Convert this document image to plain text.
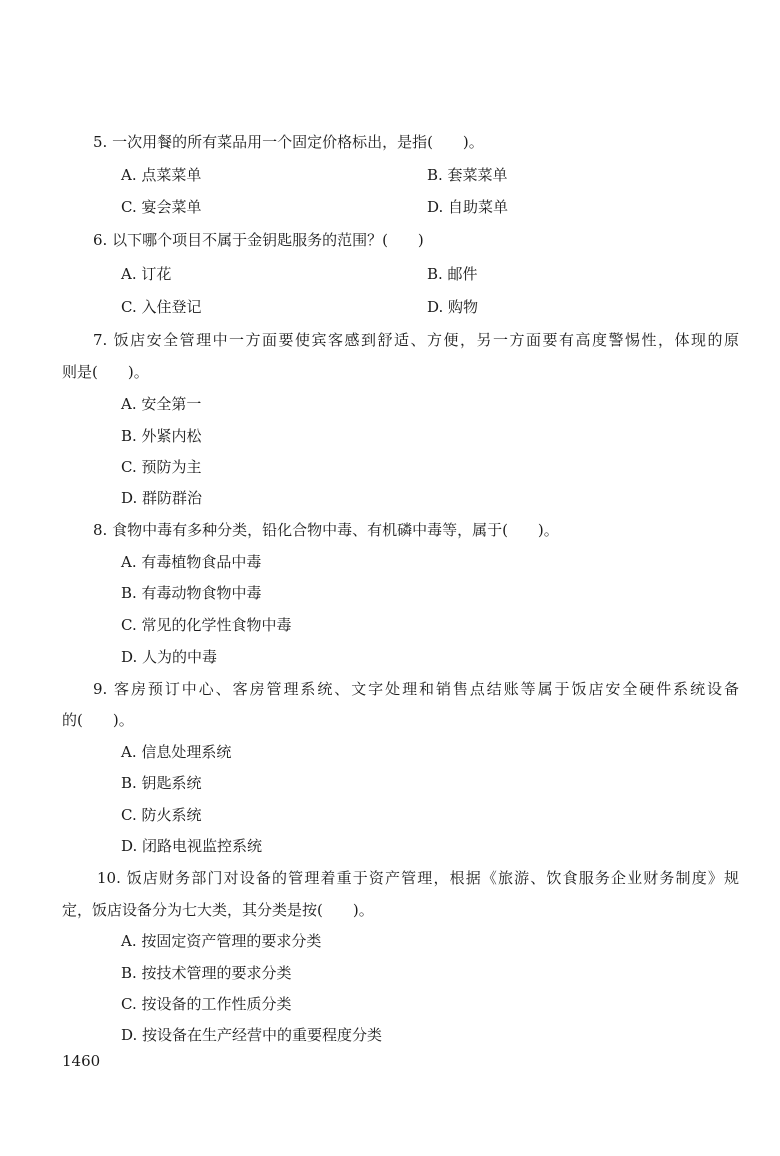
5. 一次用餐的所有菜品用一个固定价格标出，是指(　　)。
A. 点菜菜单	B. 套菜菜单
C. 宴会菜单	D. 自助菜单
6. 以下哪个项目不属于金钥匙服务的范围？(　　)
A. 订花	B. 邮件
C. 入住登记	D. 购物
7. 饭店安全管理中一方面要使宾客感到舒适、方便，另一方面要有高度警惕性，体现的原
则是(　　)。
A. 安全第一
B. 外紧内松
C. 预防为主
D. 群防群治
8. 食物中毒有多种分类，铅化合物中毒、有机磷中毒等，属于(　　)。
A. 有毒植物食品中毒
B. 有毒动物食物中毒
C. 常见的化学性食物中毒
D. 人为的中毒
9. 客房预订中心、客房管理系统、文字处理和销售点结账等属于饭店安全硬件系统设备
的(　　)。
A. 信息处理系统
B. 钥匙系统
C. 防火系统
D. 闭路电视监控系统
10. 饭店财务部门对设备的管理着重于资产管理，根据《旅游、饮食服务企业财务制度》规
定，饭店设备分为七大类，其分类是按(　　)。
A. 按固定资产管理的要求分类
B. 按技术管理的要求分类
C. 按设备的工作性质分类
D. 按设备在生产经营中的重要程度分类
1460
